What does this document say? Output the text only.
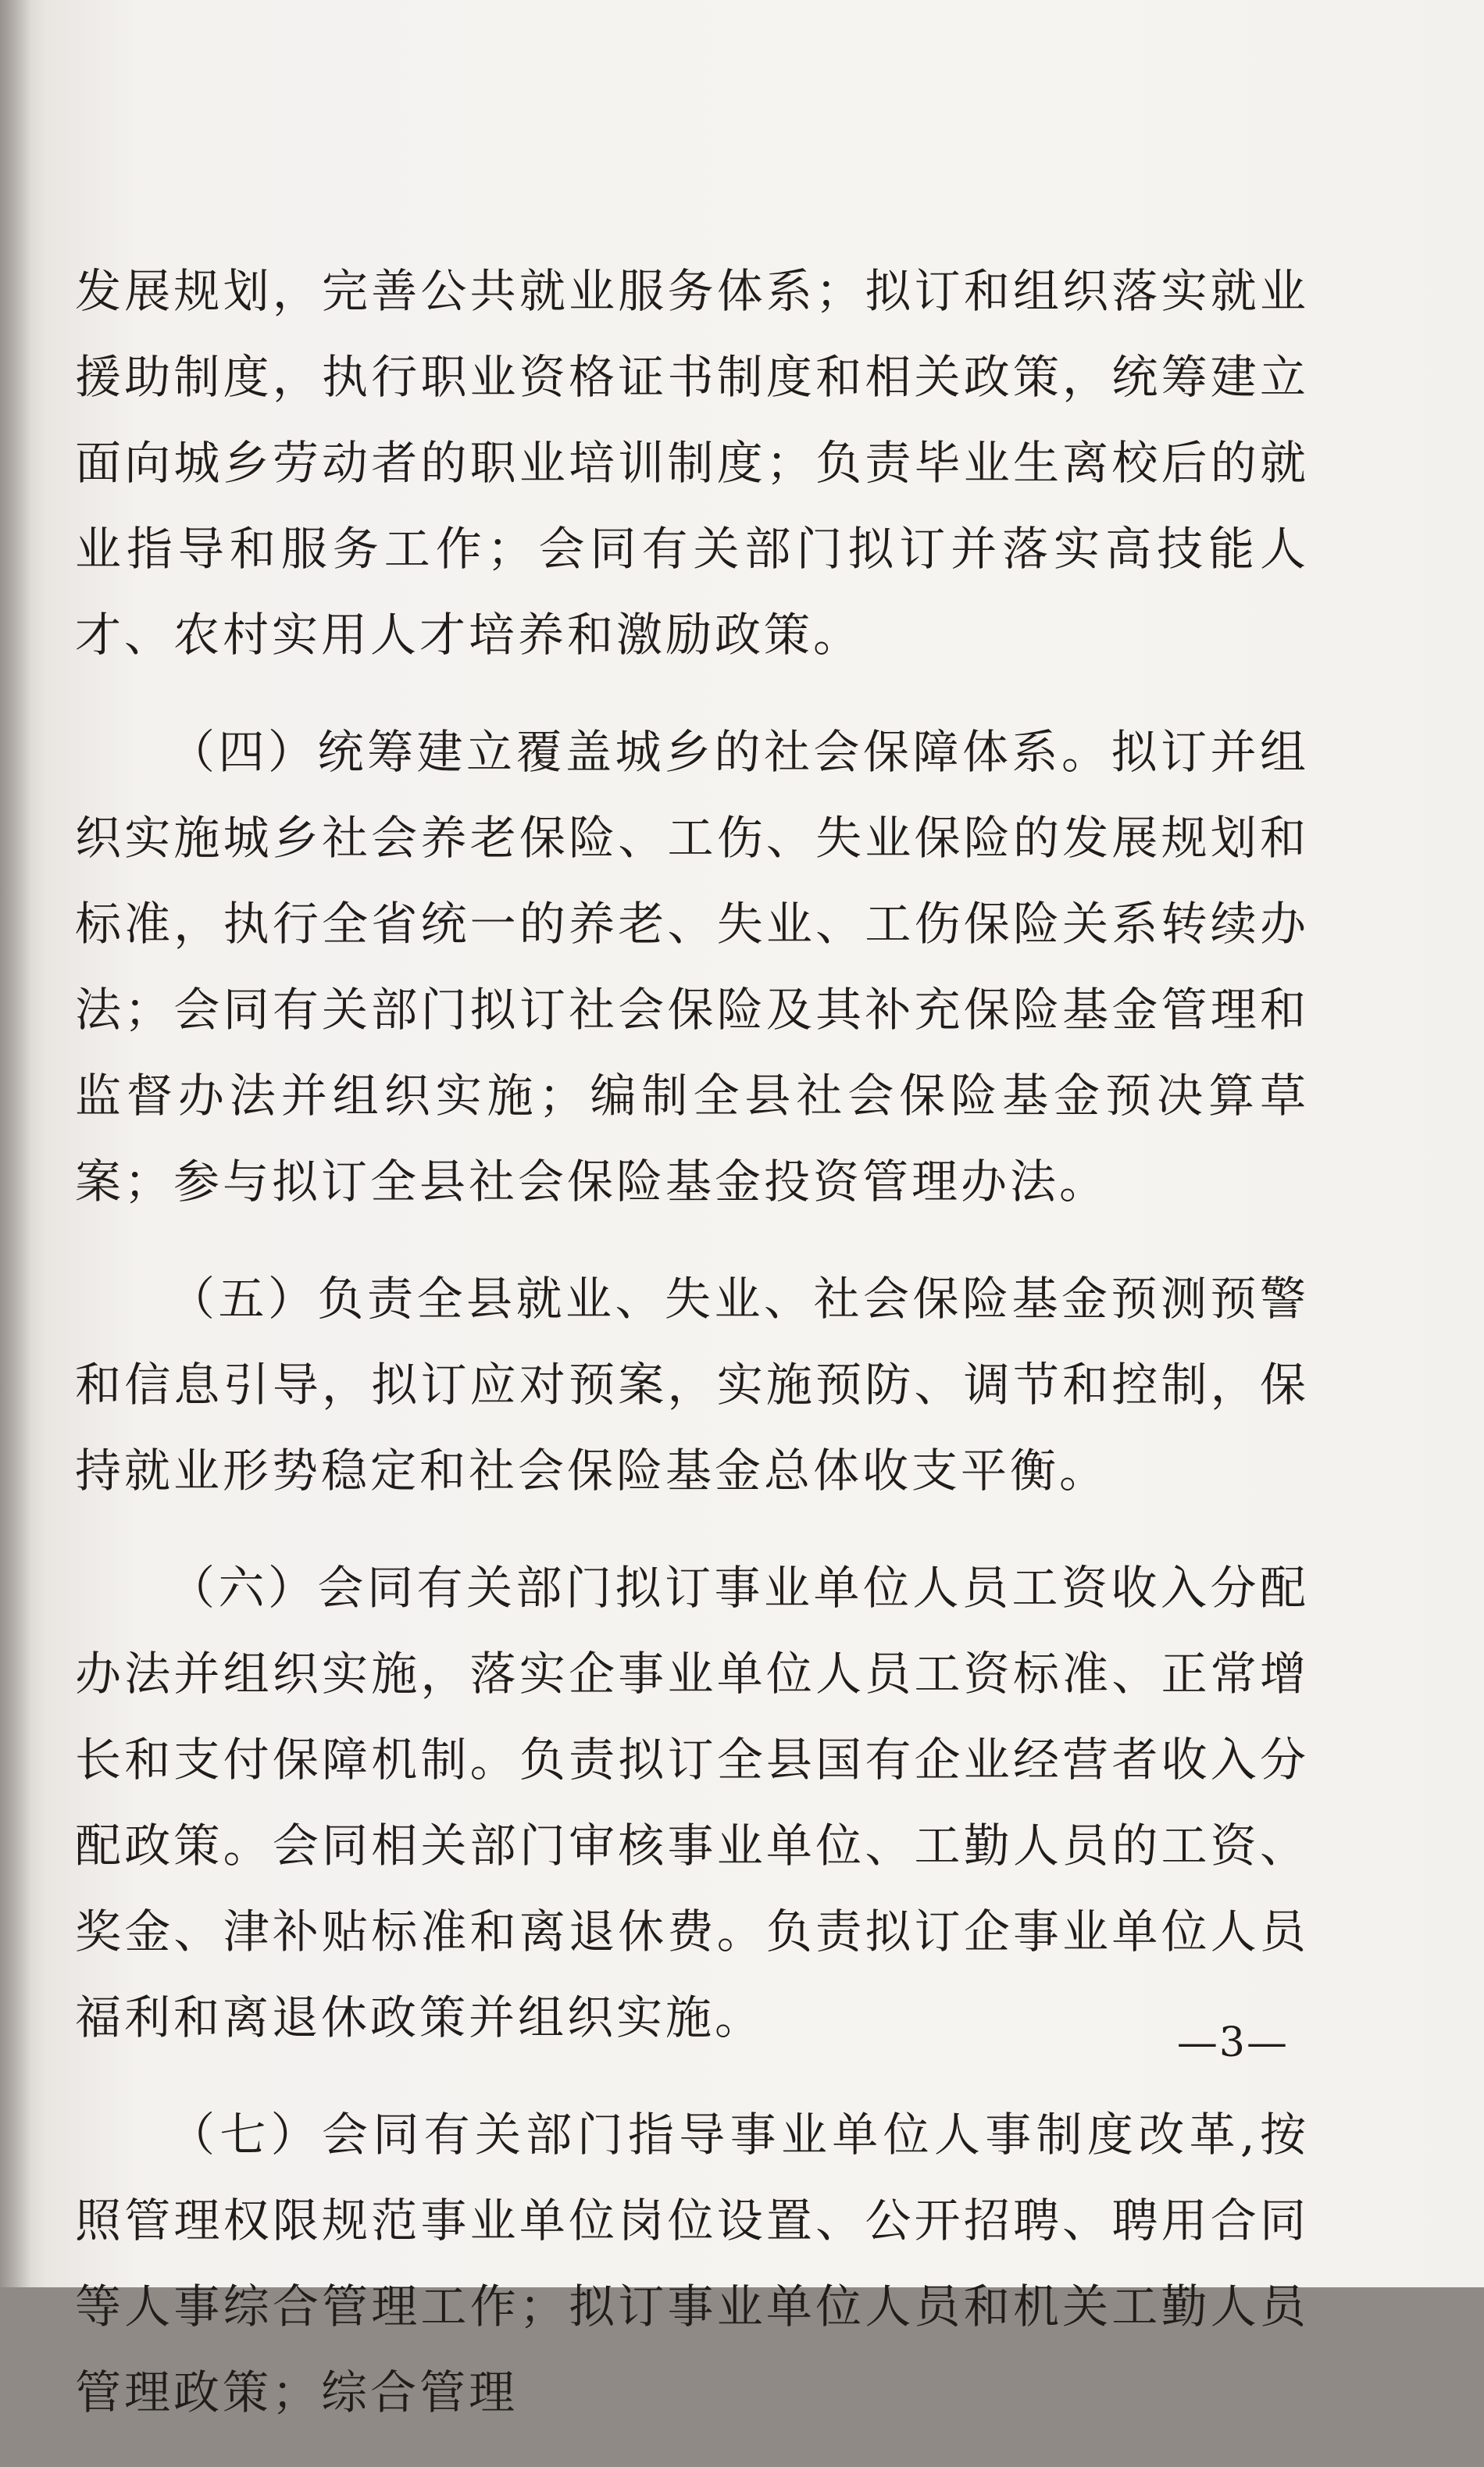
发展规划，完善公共就业服务体系；拟订和组织落实就业援助制度，执行职业资格证书制度和相关政策，统筹建立面向城乡劳动者的职业培训制度；负责毕业生离校后的就业指导和服务工作；会同有关部门拟订并落实高技能人才、农村实用人才培养和激励政策。

（四）统筹建立覆盖城乡的社会保障体系。拟订并组织实施城乡社会养老保险、工伤、失业保险的发展规划和标准，执行全省统一的养老、失业、工伤保险关系转续办法；会同有关部门拟订社会保险及其补充保险基金管理和监督办法并组织实施；编制全县社会保险基金预决算草案；参与拟订全县社会保险基金投资管理办法。

（五）负责全县就业、失业、社会保险基金预测预警和信息引导，拟订应对预案，实施预防、调节和控制，保持就业形势稳定和社会保险基金总体收支平衡。

（六）会同有关部门拟订事业单位人员工资收入分配办法并组织实施，落实企事业单位人员工资标准、正常增长和支付保障机制。负责拟订全县国有企业经营者收入分配政策。会同相关部门审核事业单位、工勤人员的工资、奖金、津补贴标准和离退休费。负责拟订企事业单位人员福利和离退休政策并组织实施。

（七）会同有关部门指导事业单位人事制度改革,按照管理权限规范事业单位岗位设置、公开招聘、聘用合同等人事综合管理工作；拟订事业单位人员和机关工勤人员管理政策；综合管理

—3—
